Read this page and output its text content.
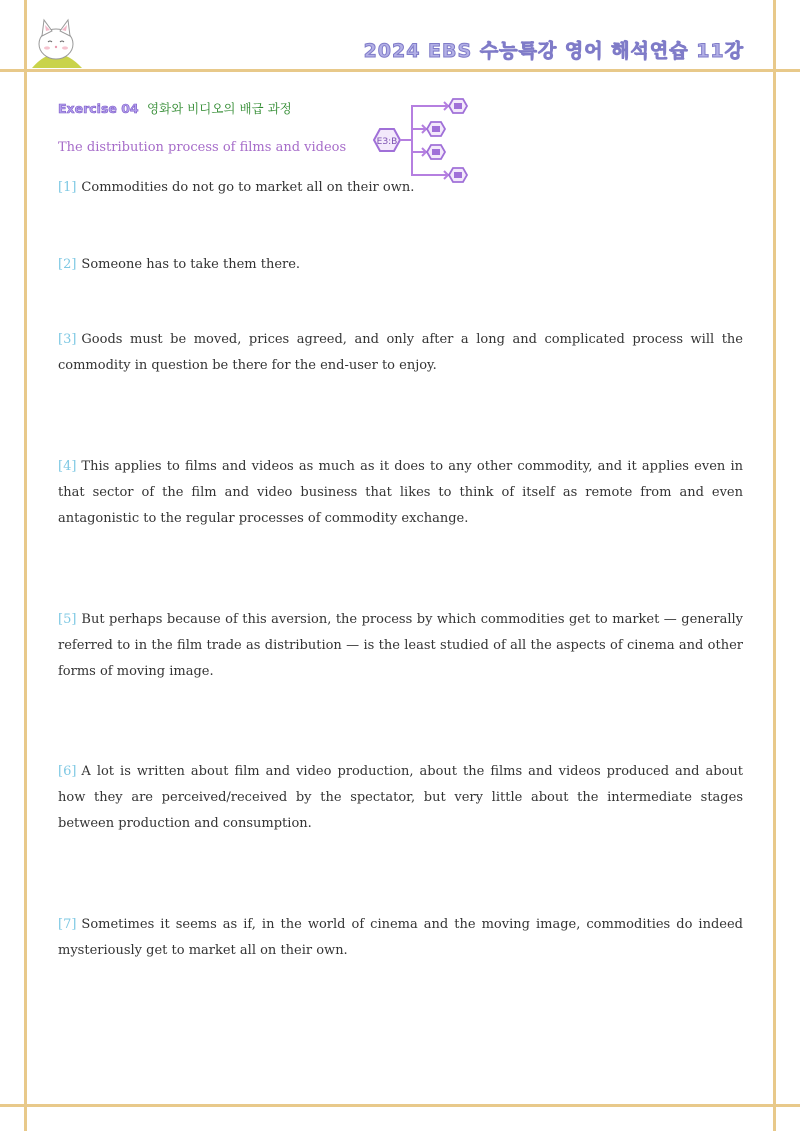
2024 EBS 수능특강 영어 해석연습 11강
Exercise 04 영화와 비디오의 배급 과정
The distribution process of films and videos	ЕЗ:В
[1] Commodities do not go to market all on their own.
[2] Someone has to take them there.
[3] Goods must be moved, prices agreed, and only after a long and complicated process will the commodity in question be there for the end-user to enjoy.
[4] This applies to films and videos as much as it does to any other commodity, and it applies even in that sector of the film and video business that likes to think of itself as remote from and even antagonistic to the regular processes of commodity exchange.
[5] But perhaps because of this aversion, the process by which commodities get to market — generally referred to in the film trade as distribution — is the least studied of all the aspects of cinema and other forms of moving image.
[6] A lot is written about film and video production, about the films and videos produced and about how they are perceived/received by the spectator, but very little about the intermediate stages between production and consumption.
[7] Sometimes it seems as if, in the world of cinema and the moving image, commodities do indeed mysteriously get to market all on their own.
